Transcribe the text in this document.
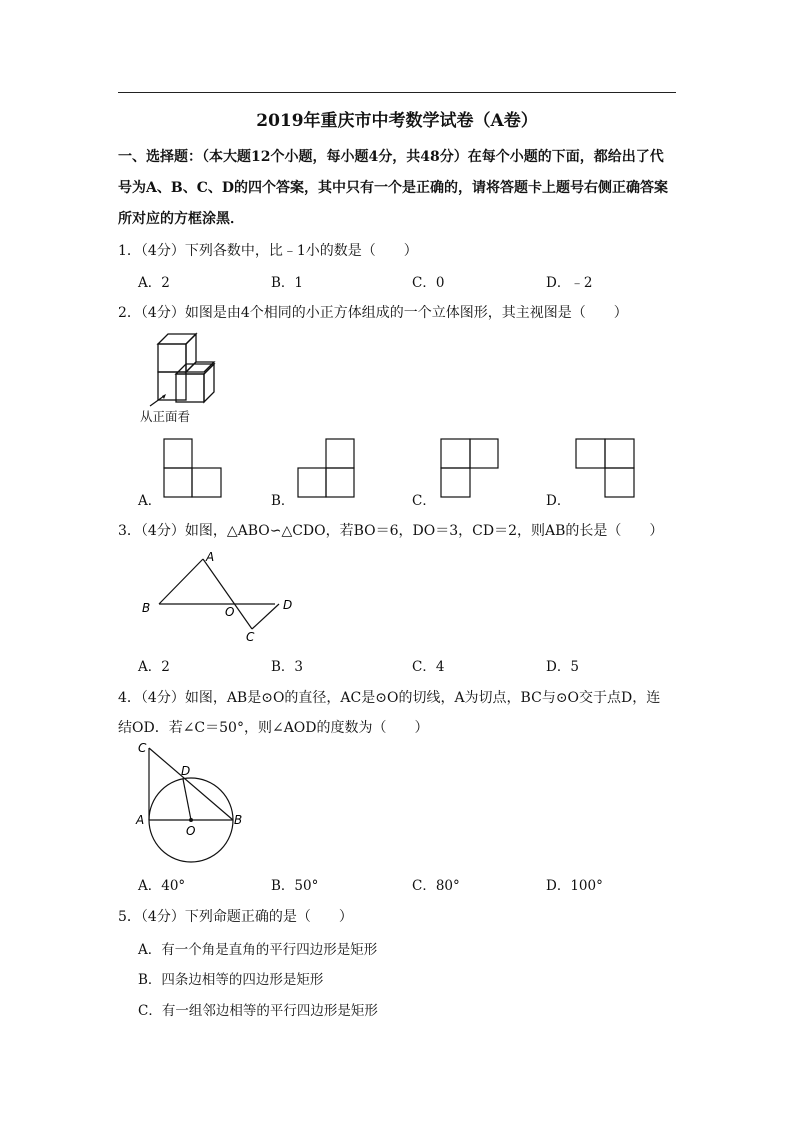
2019年重庆市中考数学试卷（A卷）
一、选择题：（本大题12个小题，每小题4分，共48分）在每个小题的下面，都给出了代
号为A、B、C、D的四个答案，其中只有一个是正确的，请将答题卡上题号右侧正确答案
所对应的方框涂黑．
1．（4分）下列各数中，比﹣1小的数是（　　）
A．2	B．1	C．0	D．﹣2
2．（4分）如图是由4个相同的小正方体组成的一个立体图形，其主视图是（　　）
从正面看
A．	B．	C．	D．
3．（4分）如图，△ABO∽△CDO，若BO＝6，DO＝3，CD＝2，则AB的长是（　　）
A
B	O
C
D
A．2	B．3	C．4	D．5
4．（4分）如图，AB是⊙O的直径，AC是⊙O的切线，A为切点，BC与⊙O交于点D，连
结OD．若∠C＝50°，则∠AOD的度数为（　　）
C
D
A
O
B
A．40°	B．50°	C．80°	D．100°
5．（4分）下列命题正确的是（　　）
A．有一个角是直角的平行四边形是矩形
B．四条边相等的四边形是矩形
C．有一组邻边相等的平行四边形是矩形
